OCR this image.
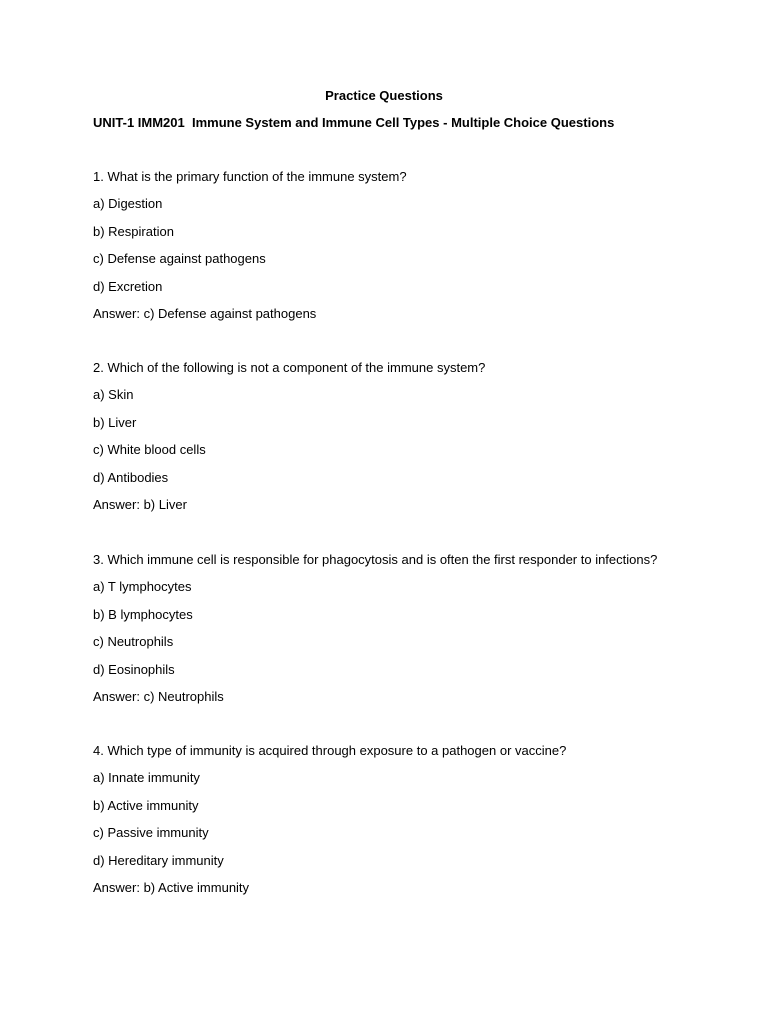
Practice Questions
UNIT-1 IMM201  Immune System and Immune Cell Types - Multiple Choice Questions
1. What is the primary function of the immune system?
a) Digestion
b) Respiration
c) Defense against pathogens
d) Excretion
Answer: c) Defense against pathogens
2. Which of the following is not a component of the immune system?
a) Skin
b) Liver
c) White blood cells
d) Antibodies
Answer: b) Liver
3. Which immune cell is responsible for phagocytosis and is often the first responder to infections?
a) T lymphocytes
b) B lymphocytes
c) Neutrophils
d) Eosinophils
Answer: c) Neutrophils
4. Which type of immunity is acquired through exposure to a pathogen or vaccine?
a) Innate immunity
b) Active immunity
c) Passive immunity
d) Hereditary immunity
Answer: b) Active immunity
